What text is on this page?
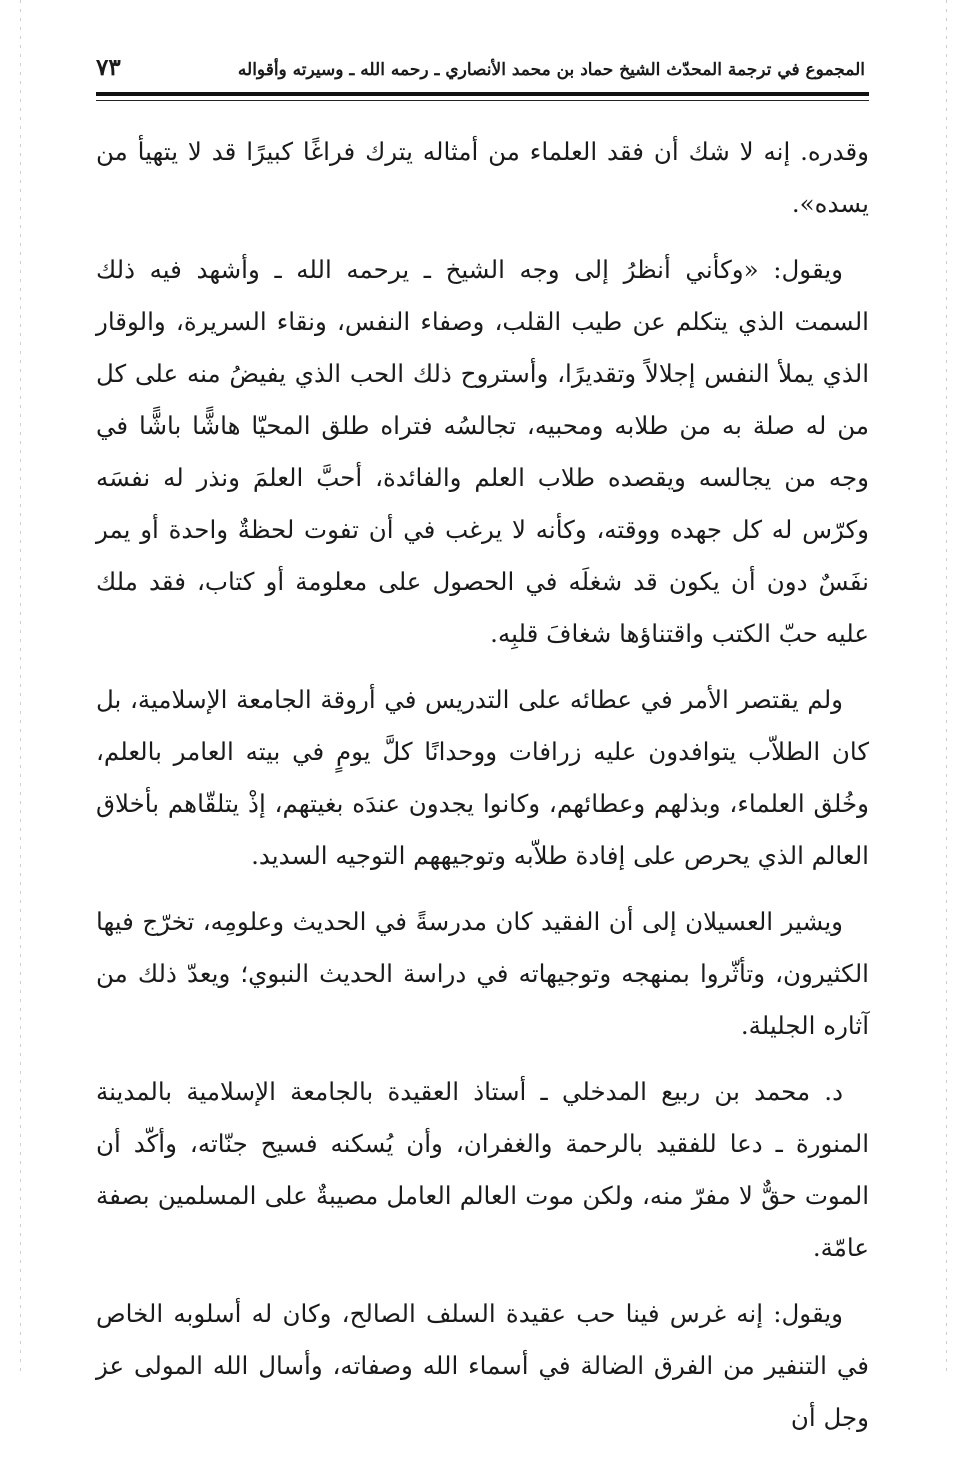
المجموع في ترجمة المحدّث الشيخ حماد بن محمد الأنصاري ـ رحمه الله ـ وسيرته وأقواله
٧٣

وقدره. إنه لا شك أن فقد العلماء من أمثاله يترك فراغًا كبيرًا قد لا يتهيأ من يسده».

ويقول: «وكأني أنظرُ إلى وجه الشيخ ـ يرحمه الله ـ وأشهد فيه ذلك السمت الذي يتكلم عن طيب القلب، وصفاء النفس، ونقاء السريرة، والوقار الذي يملأ النفس إجلالاً وتقديرًا، وأستروح ذلك الحب الذي يفيضُ منه على كل من له صلة به من طلابه ومحبيه، تجالسُه فتراه طلق المحيّا هاشًّا باشًّا في وجه من يجالسه ويقصده طلاب العلم والفائدة، أحبَّ العلمَ ونذر له نفسَه وكرّس له كل جهده ووقته، وكأنه لا يرغب في أن تفوت لحظةٌ واحدة أو يمر نفَسٌ دون أن يكون قد شغلَه في الحصول على معلومة أو كتاب، فقد ملك عليه حبّ الكتب واقتناؤها شغافَ قلبِه.

ولم يقتصر الأمر في عطائه على التدريس في أروقة الجامعة الإسلامية، بل كان الطلاّب يتوافدون عليه زرافات ووحدانًا كلَّ يومٍ في بيته العامر بالعلم، وخُلق العلماء، وبذلهم وعطائهم، وكانوا يجدون عندَه بغيتهم، إذْ يتلقّاهم بأخلاق العالم الذي يحرص على إفادة طلاّبه وتوجيههم التوجيه السديد.

ويشير العسيلان إلى أن الفقيد كان مدرسةً في الحديث وعلومِه، تخرّج فيها الكثيرون، وتأثّروا بمنهجه وتوجيهاته في دراسة الحديث النبوي؛ ويعدّ ذلك من آثاره الجليلة.

د. محمد بن ربيع المدخلي ـ أستاذ العقيدة بالجامعة الإسلامية بالمدينة المنورة ـ دعا للفقيد بالرحمة والغفران، وأن يُسكنه فسيح جنّاته، وأكّد أن الموت حقٌّ لا مفرّ منه، ولكن موت العالم العامل مصيبةٌ على المسلمين بصفة عامّة.

ويقول: إنه غرس فينا حب عقيدة السلف الصالح، وكان له أسلوبه الخاص في التنفير من الفرق الضالة في أسماء الله وصفاته، وأسال الله المولى عز وجل أن
